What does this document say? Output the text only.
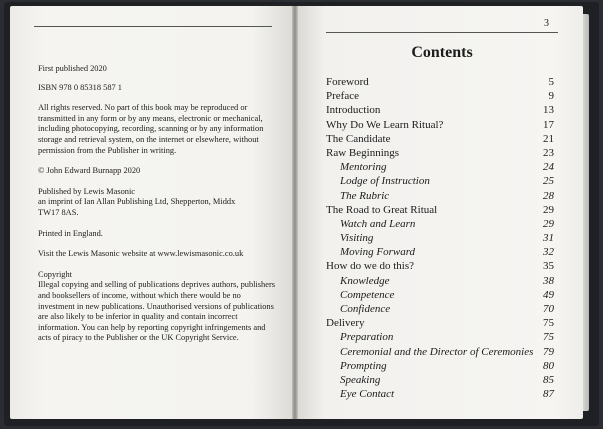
First published 2020

ISBN 978 0 85318 587 1

All rights reserved. No part of this book may be reproduced or transmitted in any form or by any means, electronic or mechanical, including photocopying, recording, scanning or by any information storage and retrieval system, on the internet or elsewhere, without permission from the Publisher in writing.

© John Edward Burnapp 2020

Published by Lewis Masonic
an imprint of Ian Allan Publishing Ltd, Shepperton, Middx
TW17 8AS.

Printed in England.

Visit the Lewis Masonic website at www.lewismasonic.co.uk

Copyright
Illegal copying and selling of publications deprives authors, publishers and booksellers of income, without which there would be no investment in new publications. Unauthorised versions of publications are also likely to be inferior in quality and contain incorrect information. You can help by reporting copyright infringements and acts of piracy to the Publisher or the UK Copyright Service.

3
Contents
Foreword	5
Preface	9
Introduction	13
Why Do We Learn Ritual?	17
The Candidate	21
Raw Beginnings	23
Mentoring	24
Lodge of Instruction	25
The Rubric	28
The Road to Great Ritual	29
Watch and Learn	29
Visiting	31
Moving Forward	32
How do we do this?	35
Knowledge	38
Competence	49
Confidence	70
Delivery	75
Preparation	75
Ceremonial and the Director of Ceremonies 79
Prompting	80
Speaking	85
Eye Contact	87
